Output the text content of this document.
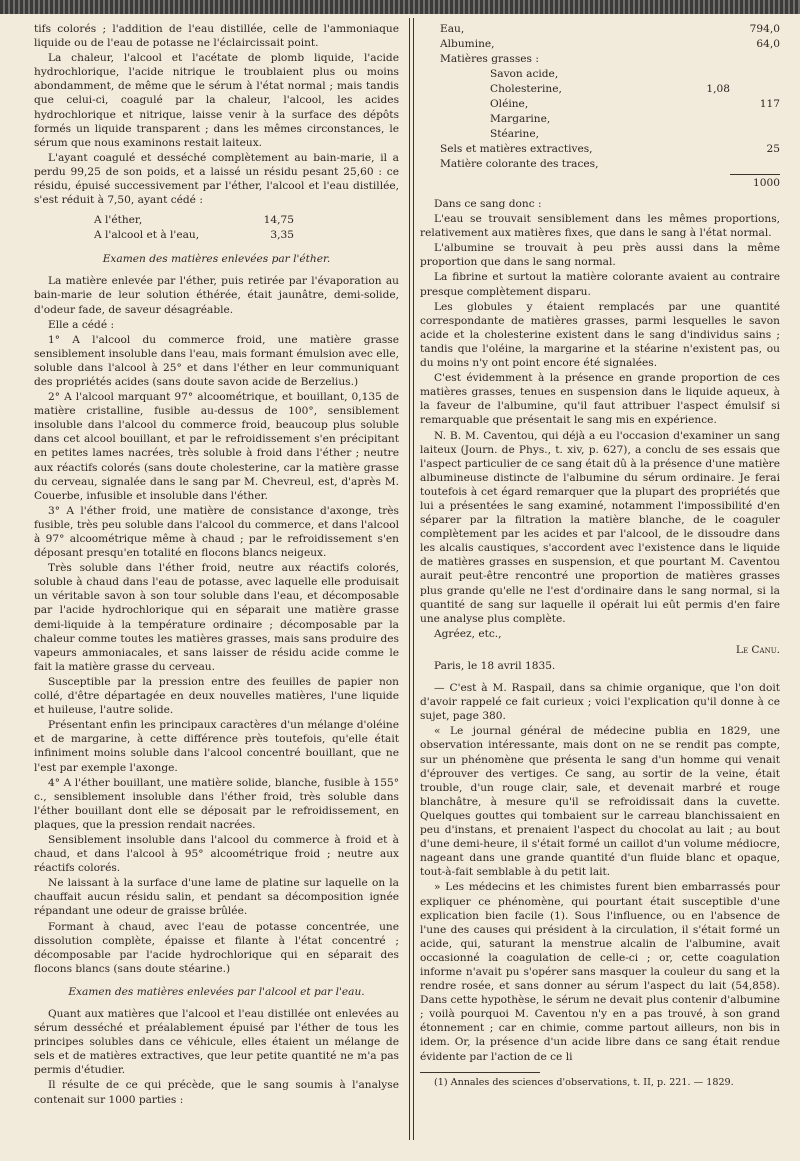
tifs colorés ; l'addition de l'eau distillée, celle de l'ammoniaque liquide ou de l'eau de potasse ne l'éclaircissait point.

La chaleur, l'alcool et l'acétate de plomb liquide, l'acide hydrochlorique, l'acide nitrique le troublaient plus ou moins abondamment, de même que le sérum à l'état normal ; mais tandis que celui-ci, coagulé par la chaleur, l'alcool, les acides hydrochlorique et nitrique, laisse venir à la surface des dépôts formés un liquide transparent ; dans les mêmes circonstances, le sérum que nous examinons restait laiteux.

L'ayant coagulé et desséché complètement au bain-marie, il a perdu 99,25 de son poids, et a laissé un résidu pesant 25,60 : ce résidu, épuisé successivement par l'éther, l'alcool et l'eau distillée, s'est réduit à 7,50, ayant cédé :

A l'éther,	14,75
A l'alcool et à l'eau,	3,35

Examen des matières enlevées par l'éther.

La matière enlevée par l'éther, puis retirée par l'évaporation au bain-marie de leur solution éthérée, était jaunâtre, demi-solide, d'odeur fade, de saveur désagréable.

Elle a cédé :

1° A l'alcool du commerce froid, une matière grasse sensiblement insoluble dans l'eau, mais formant émulsion avec elle, soluble dans l'alcool à 25° et dans l'éther en leur communiquant des propriétés acides (sans doute savon acide de Berzelius.)

2° A l'alcool marquant 97° alcoométrique, et bouillant, 0,135 de matière cristalline, fusible au-dessus de 100°, sensiblement insoluble dans l'alcool du commerce froid, beaucoup plus soluble dans cet alcool bouillant, et par le refroidissement s'en précipitant en petites lames nacrées, très soluble à froid dans l'éther ; neutre aux réactifs colorés (sans doute cholesterine, car la matière grasse du cerveau, signalée dans le sang par M. Chevreul, est, d'après M. Couerbe, infusible et insoluble dans l'éther.

3° A l'éther froid, une matière de consistance d'axonge, très fusible, très peu soluble dans l'alcool du commerce, et dans l'alcool à 97° alcoométrique même à chaud ; par le refroidissement s'en déposant presqu'en totalité en flocons blancs neigeux.

Très soluble dans l'éther froid, neutre aux réactifs colorés, soluble à chaud dans l'eau de potasse, avec laquelle elle produisait un véritable savon à son tour soluble dans l'eau, et décomposable par l'acide hydrochlorique qui en séparait une matière grasse demi-liquide à la température ordinaire ; décomposable par la chaleur comme toutes les matières grasses, mais sans produire des vapeurs ammoniacales, et sans laisser de résidu acide comme le fait la matière grasse du cerveau.

Susceptible par la pression entre des feuilles de papier non collé, d'être départagée en deux nouvelles matières, l'une liquide et huileuse, l'autre solide.

Présentant enfin les principaux caractères d'un mélange d'oléine et de margarine, à cette différence près toutefois, qu'elle était infiniment moins soluble dans l'alcool concentré bouillant, que ne l'est par exemple l'axonge.

4° A l'éther bouillant, une matière solide, blanche, fusible à 155° c., sensiblement insoluble dans l'éther froid, très soluble dans l'éther bouillant dont elle se déposait par le refroidissement, en plaques, que la pression rendait nacrées.

Sensiblement insoluble dans l'alcool du commerce à froid et à chaud, et dans l'alcool à 95° alcoométrique froid ; neutre aux réactifs colorés.

Ne laissant à la surface d'une lame de platine sur laquelle on la chauffait aucun résidu salin, et pendant sa décomposition ignée répandant une odeur de graisse brûlée.

Formant à chaud, avec l'eau de potasse concentrée, une dissolution complète, épaisse et filante à l'état concentré ; décomposable par l'acide hydrochlorique qui en séparait des flocons blancs (sans doute stéarine.)

Examen des matières enlevées par l'alcool et par l'eau.

Quant aux matières que l'alcool et l'eau distillée ont enlevées au sérum desséché et préalablement épuisé par l'éther de tous les principes solubles dans ce véhicule, elles étaient un mélange de sels et de matières extractives, que leur petite quantité ne m'a pas permis d'étudier.

Il résulte de ce qui précède, que le sang soumis à l'analyse contenait sur 1000 parties :

Eau,	794,0
Albumine,	64,0
Matières grasses :
Savon acide,
Cholesterine,	1,08
Oléine,	117
Margarine,
Stéarine,
Sels et matières extractives,	25
Matière colorante des traces,
1000

Dans ce sang donc :

L'eau se trouvait sensiblement dans les mêmes proportions, relativement aux matières fixes, que dans le sang à l'état normal.

L'albumine se trouvait à peu près aussi dans la même proportion que dans le sang normal.

La fibrine et surtout la matière colorante avaient au contraire presque complètement disparu.

Les globules y étaient remplacés par une quantité correspondante de matières grasses, parmi lesquelles le savon acide et la cholesterine existent dans le sang d'individus sains ; tandis que l'oléine, la margarine et la stéarine n'existent pas, ou du moins n'y ont point encore été signalées.

C'est évidemment à la présence en grande proportion de ces matières grasses, tenues en suspension dans le liquide aqueux, à la faveur de l'albumine, qu'il faut attribuer l'aspect émulsif si remarquable que présentait le sang mis en expérience.

N. B. M. Caventou, qui déjà a eu l'occasion d'examiner un sang laiteux (Journ. de Phys., t. xiv, p. 627), a conclu de ses essais que l'aspect particulier de ce sang était dû à la présence d'une matière albumineuse distincte de l'albumine du sérum ordinaire. Je ferai toutefois à cet égard remarquer que la plupart des propriétés que lui a présentées le sang examiné, notamment l'impossibilité d'en séparer par la filtration la matière blanche, de le coaguler complètement par les acides et par l'alcool, de le dissoudre dans les alcalis caustiques, s'accordent avec l'existence dans le liquide de matières grasses en suspension, et que pourtant M. Caventou aurait peut-être rencontré une proportion de matières grasses plus grande qu'elle ne l'est d'ordinaire dans le sang normal, si la quantité de sang sur laquelle il opérait lui eût permis d'en faire une analyse plus complète.

Agréez, etc.,

Le Canu.

Paris, le 18 avril 1835.

— C'est à M. Raspail, dans sa chimie organique, que l'on doit d'avoir rappelé ce fait curieux ; voici l'explication qu'il donne à ce sujet, page 380.

« Le journal général de médecine publia en 1829, une observation intéressante, mais dont on ne se rendit pas compte, sur un phénomène que présenta le sang d'un homme qui venait d'éprouver des vertiges. Ce sang, au sortir de la veine, était trouble, d'un rouge clair, sale, et devenait marbré et rouge blanchâtre, à mesure qu'il se refroidissait dans la cuvette. Quelques gouttes qui tombaient sur le carreau blanchissaient en peu d'instans, et prenaient l'aspect du chocolat au lait ; au bout d'une demi-heure, il s'était formé un caillot d'un volume médiocre, nageant dans une grande quantité d'un fluide blanc et opaque, tout-à-fait semblable à du petit lait.

» Les médecins et les chimistes furent bien embarrassés pour expliquer ce phénomène, qui pourtant était susceptible d'une explication bien facile (1). Sous l'influence, ou en l'absence de l'une des causes qui président à la circulation, il s'était formé un acide, qui, saturant la menstrue alcalin de l'albumine, avait occasionné la coagulation de celle-ci ; or, cette coagulation informe n'avait pu s'opérer sans masquer la couleur du sang et la rendre rosée, et sans donner au sérum l'aspect du lait (54,858). Dans cette hypothèse, le sérum ne devait plus contenir d'albumine ; voilà pourquoi M. Caventou n'y en a pas trouvé, à son grand étonnement ; car en chimie, comme partout ailleurs, non bis in idem. Or, la présence d'un acide libre dans ce sang était rendue évidente par l'action de ce li

(1) Annales des sciences d'observations, t. II, p. 221. — 1829.
